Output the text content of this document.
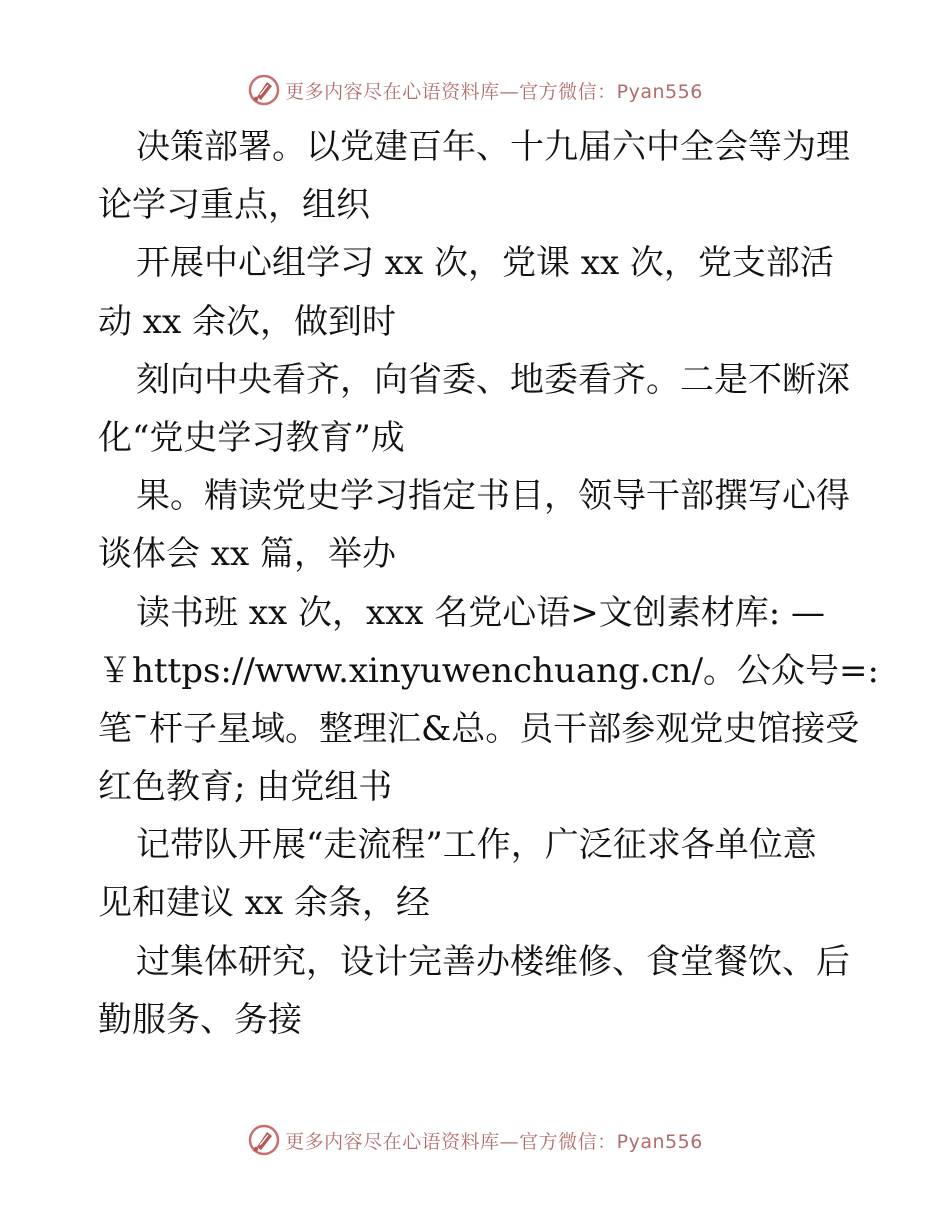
更多内容尽在心语资料库—官方微信：Pyan556
决策部署。以党建百年、十九届六中全会等为理
论学习重点，组织
开展中心组学习 xx 次，党课 xx 次，党支部活
动 xx 余次，做到时
刻向中央看齐，向省委、地委看齐。二是不断深
化“党史学习教育”成
果。精读党史学习指定书目，领导干部撰写心得
谈体会 xx 篇，举办
读书班 xx 次，xxx 名党心语>文创素材库: —
￥https://www.xinyuwenchuang.cn/。公众号=:
笔¯杆子星域。整理汇&总。员干部参观党史馆接受
红色教育; 由党组书
记带队开展“走流程”工作，广泛征求各单位意
见和建议 xx 余条，经
过集体研究，设计完善办楼维修、食堂餐饮、后
勤服务、务接
更多内容尽在心语资料库—官方微信：Pyan556
